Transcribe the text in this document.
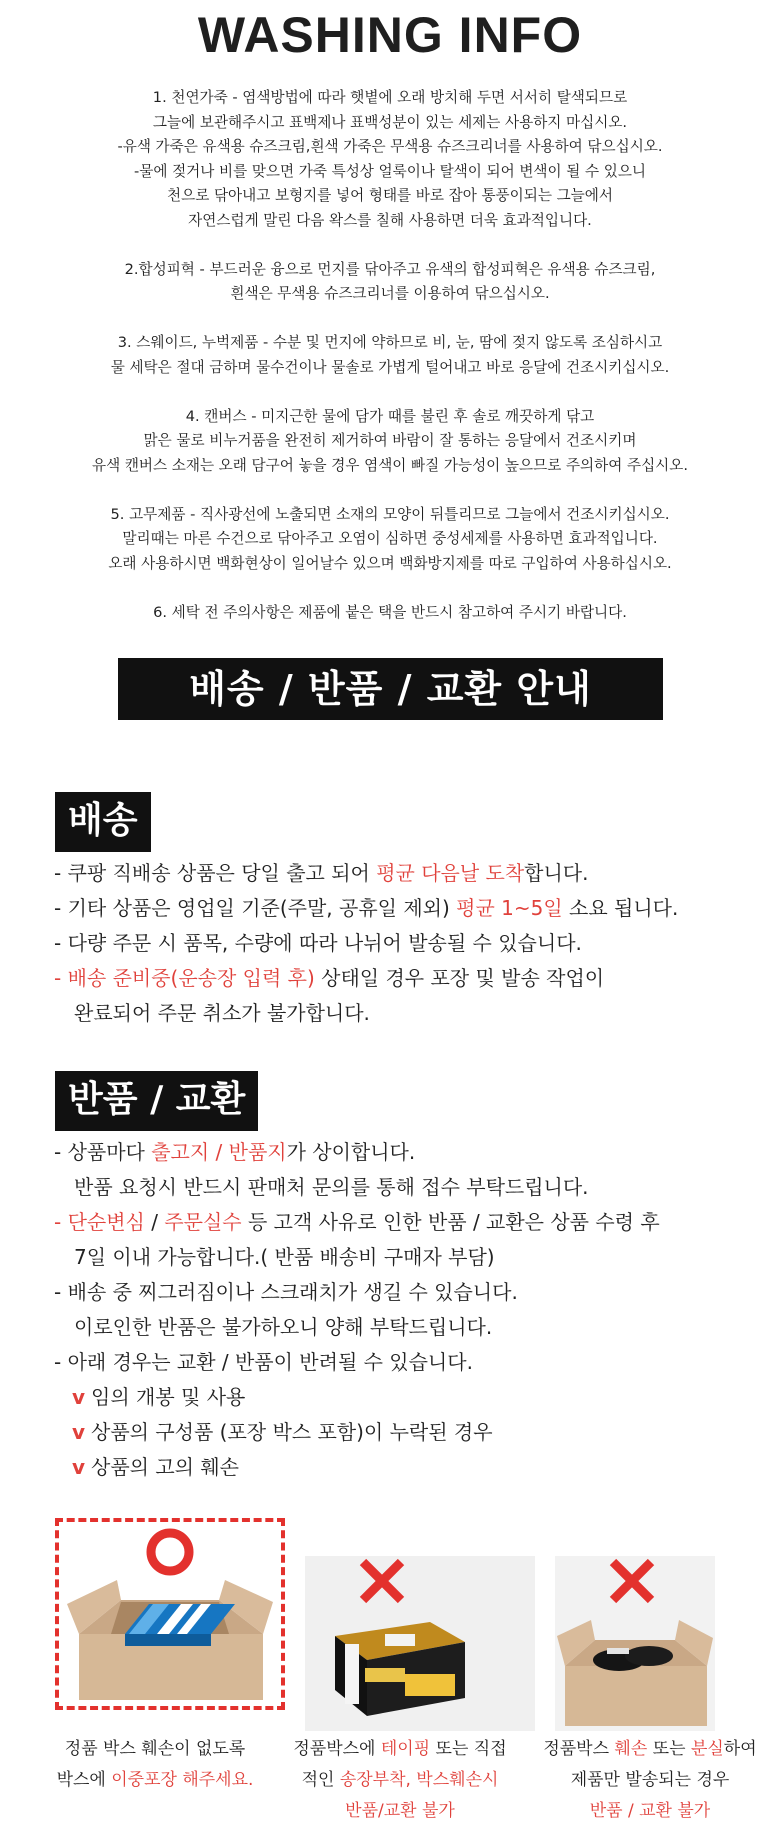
WASHING INFO

1. 천연가죽 - 염색방법에 따라 햇볕에 오래 방치해 두면 서서히 탈색되므로
그늘에 보관해주시고 표백제나 표백성분이 있는 세제는 사용하지 마십시오.
-유색 가죽은 유색용 슈즈크림,흰색 가죽은 무색용 슈즈크리너를 사용하여 닦으십시오.
-물에 젖거나 비를 맞으면 가죽 특성상 얼룩이나 탈색이 되어 변색이 될 수 있으니
천으로 닦아내고 보형지를 넣어 형태를 바로 잡아 통풍이되는 그늘에서
자연스럽게 말린 다음 왁스를 칠해 사용하면 더욱 효과적입니다.

2.합성피혁 - 부드러운 융으로 먼지를 닦아주고 유색의 합성피혁은 유색용 슈즈크림,
흰색은 무색용 슈즈크리너를 이용하여 닦으십시오.

3. 스웨이드, 누벅제품 - 수분 및 먼지에 약하므로 비, 눈, 땀에 젖지 않도록 조심하시고
물 세탁은 절대 금하며 물수건이나 물솔로 가볍게 털어내고 바로 응달에 건조시키십시오.

4. 캔버스 - 미지근한 물에 담가 때를 불린 후 솔로 깨끗하게 닦고
맑은 물로 비누거품을 완전히 제거하여 바람이 잘 통하는 응달에서 건조시키며
유색 캔버스 소재는 오래 담구어 놓을 경우 염색이 빠질 가능성이 높으므로 주의하여 주십시오.

5. 고무제품 - 직사광선에 노출되면 소재의 모양이 뒤틀리므로 그늘에서 건조시키십시오.
말리때는 마른 수건으로 닦아주고 오염이 심하면 중성세제를 사용하면 효과적입니다.
오래 사용하시면 백화현상이 일어날수 있으며 백화방지제를 따로 구입하여 사용하십시오.

6. 세탁 전 주의사항은 제품에 붙은 택을 반드시 참고하여 주시기 바랍니다.

배송 / 반품 / 교환 안내
배송
- 쿠팡 직배송 상품은 당일 출고 되어 평균 다음날 도착합니다.
- 기타 상품은 영업일 기준(주말, 공휴일 제외) 평균 1~5일 소요 됩니다.
- 다량 주문 시 품목, 수량에 따라 나뉘어 발송될 수 있습니다.
- 배송 준비중(운송장 입력 후) 상태일 경우 포장 및 발송 작업이
완료되어 주문 취소가 불가합니다.
반품 / 교환
- 상품마다 출고지 / 반품지가 상이합니다.
반품 요청시 반드시 판매처 문의를 통해 접수 부탁드립니다.
- 단순변심 / 주문실수 등 고객 사유로 인한 반품 / 교환은 상품 수령 후
7일 이내 가능합니다.( 반품 배송비 구매자 부담)
- 배송 중 찌그러짐이나 스크래치가 생길 수 있습니다.
이로인한 반품은 불가하오니 양해 부탁드립니다.
- 아래 경우는 교환 / 반품이 반려될 수 있습니다.
v 임의 개봉 및 사용
v 상품의 구성품 (포장 박스 포함)이 누락된 경우
v 상품의 고의 훼손
정품 박스 훼손이 없도록
박스에 이중포장 해주세요.
정품박스에 테이핑 또는 직접
적인 송장부착, 박스훼손시
반품/교환 불가
정품박스 훼손 또는 분실하여
제품만 발송되는 경우
반품 / 교환 불가
